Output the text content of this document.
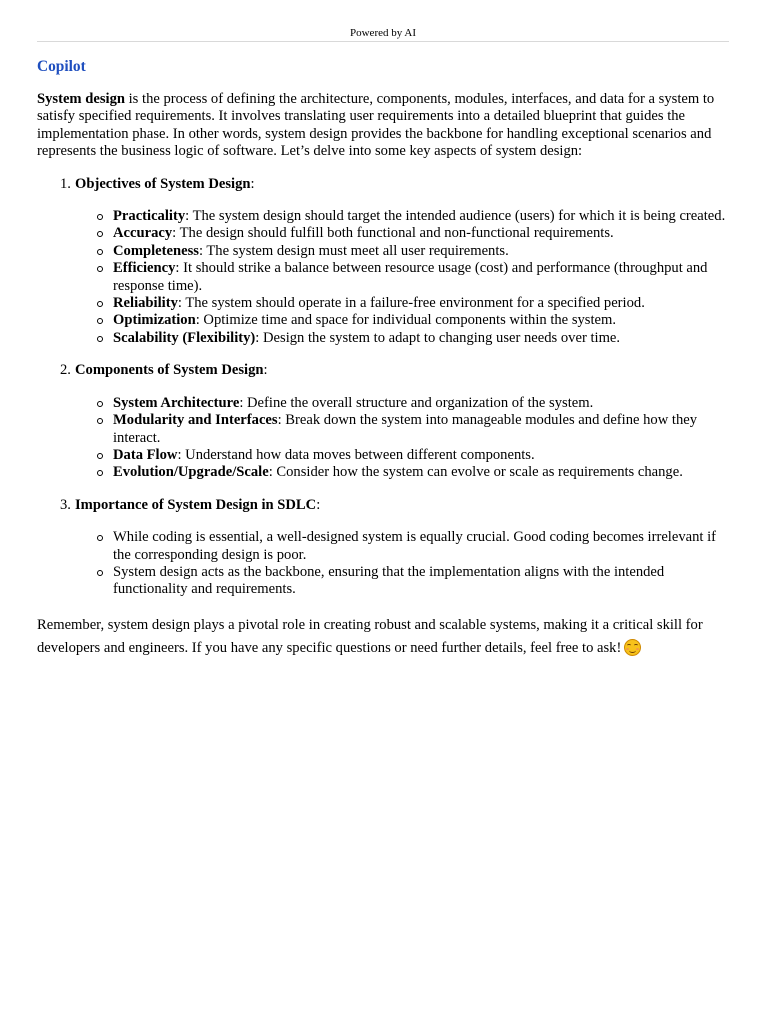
Powered by AI
Copilot

System design is the process of defining the architecture, components, modules, interfaces, and data for a system to satisfy specified requirements. It involves translating user requirements into a detailed blueprint that guides the implementation phase. In other words, system design provides the backbone for handling exceptional scenarios and represents the business logic of software. Let’s delve into some key aspects of system design:

1. Objectives of System Design:
Practicality: The system design should target the intended audience (users) for which it is being created.
Accuracy: The design should fulfill both functional and non-functional requirements.
Completeness: The system design must meet all user requirements.
Efficiency: It should strike a balance between resource usage (cost) and performance (throughput and response time).
Reliability: The system should operate in a failure-free environment for a specified period.
Optimization: Optimize time and space for individual components within the system.
Scalability (Flexibility): Design the system to adapt to changing user needs over time.
2. Components of System Design:
System Architecture: Define the overall structure and organization of the system.
Modularity and Interfaces: Break down the system into manageable modules and define how they interact.
Data Flow: Understand how data moves between different components.
Evolution/Upgrade/Scale: Consider how the system can evolve or scale as requirements change.
3. Importance of System Design in SDLC:
While coding is essential, a well-designed system is equally crucial. Good coding becomes irrelevant if the corresponding design is poor.
System design acts as the backbone, ensuring that the implementation aligns with the intended functionality and requirements.

Remember, system design plays a pivotal role in creating robust and scalable systems, making it a critical skill for developers and engineers. If you have any specific questions or need further details, feel free to ask!
